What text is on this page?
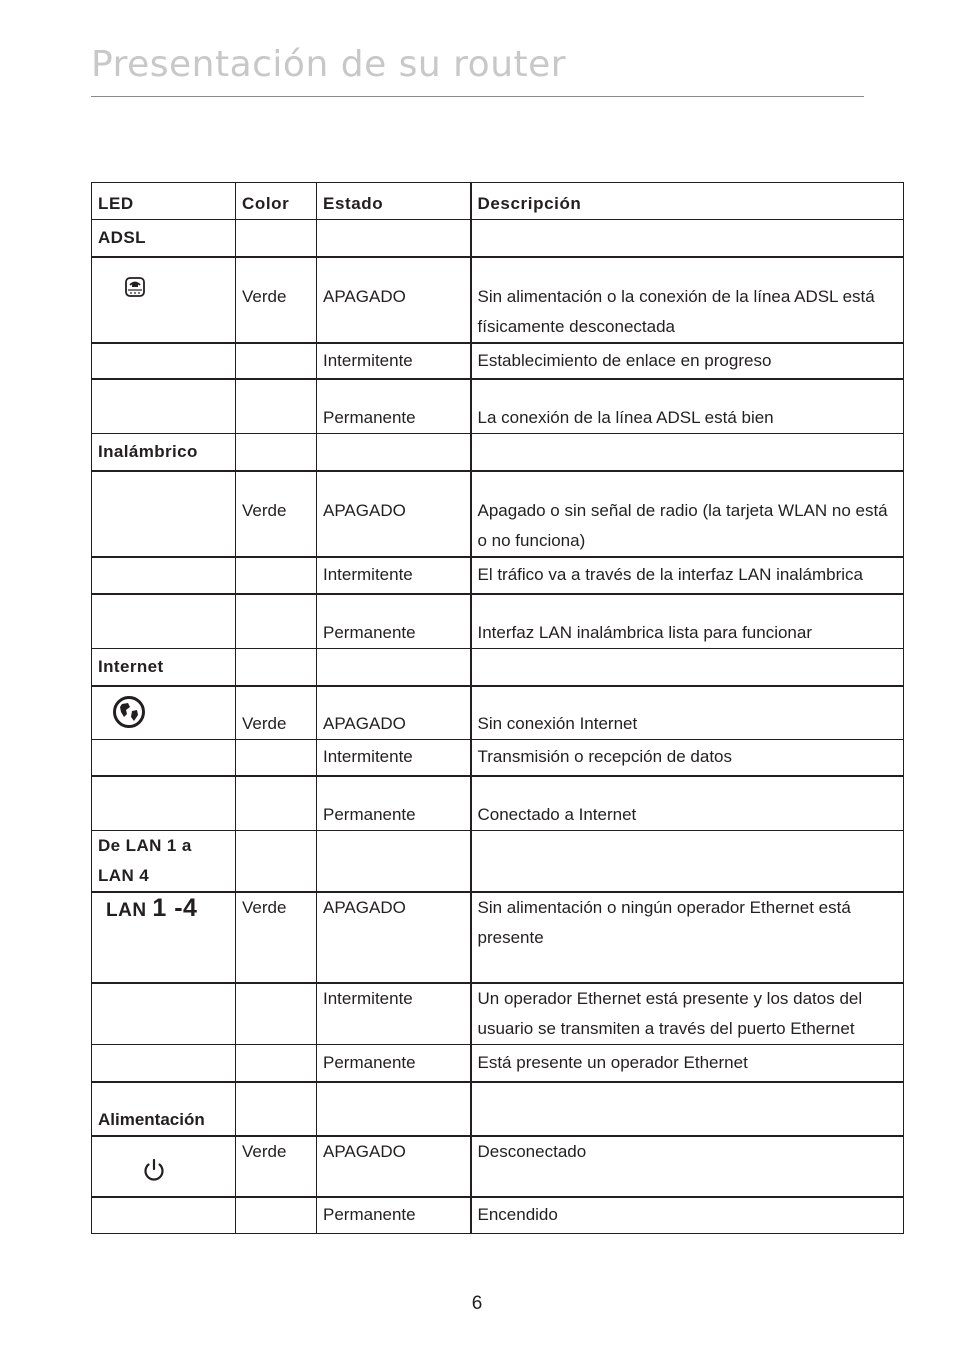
Presentación de su router
LED	Color	Estado	Descripción
ADSL			
	Verde	APAGADO	Sin alimentación o la conexión de la línea ADSL está físicamente desconectada
		Intermitente	Establecimiento de enlace en progreso
		Permanente	La conexión de la línea ADSL está bien
Inalámbrico			
	Verde	APAGADO	Apagado o sin señal de radio (la tarjeta WLAN no está o no funciona)
		Intermitente	El tráfico va a través de la interfaz LAN inalámbrica
		Permanente	Interfaz LAN inalámbrica lista para funcionar
Internet			
	Verde	APAGADO	Sin conexión Internet
		Intermitente	Transmisión o recepción de datos
		Permanente	Conectado a Internet
De LAN 1 a LAN 4			
LAN 1 -4	Verde	APAGADO	Sin alimentación o ningún operador Ethernet está presente
		Intermitente	Un operador Ethernet está presente y los datos del usuario se transmiten a través del puerto Ethernet
		Permanente	Está presente un operador Ethernet
Alimentación			
	Verde	APAGADO	Desconectado
		Permanente	Encendido
6
